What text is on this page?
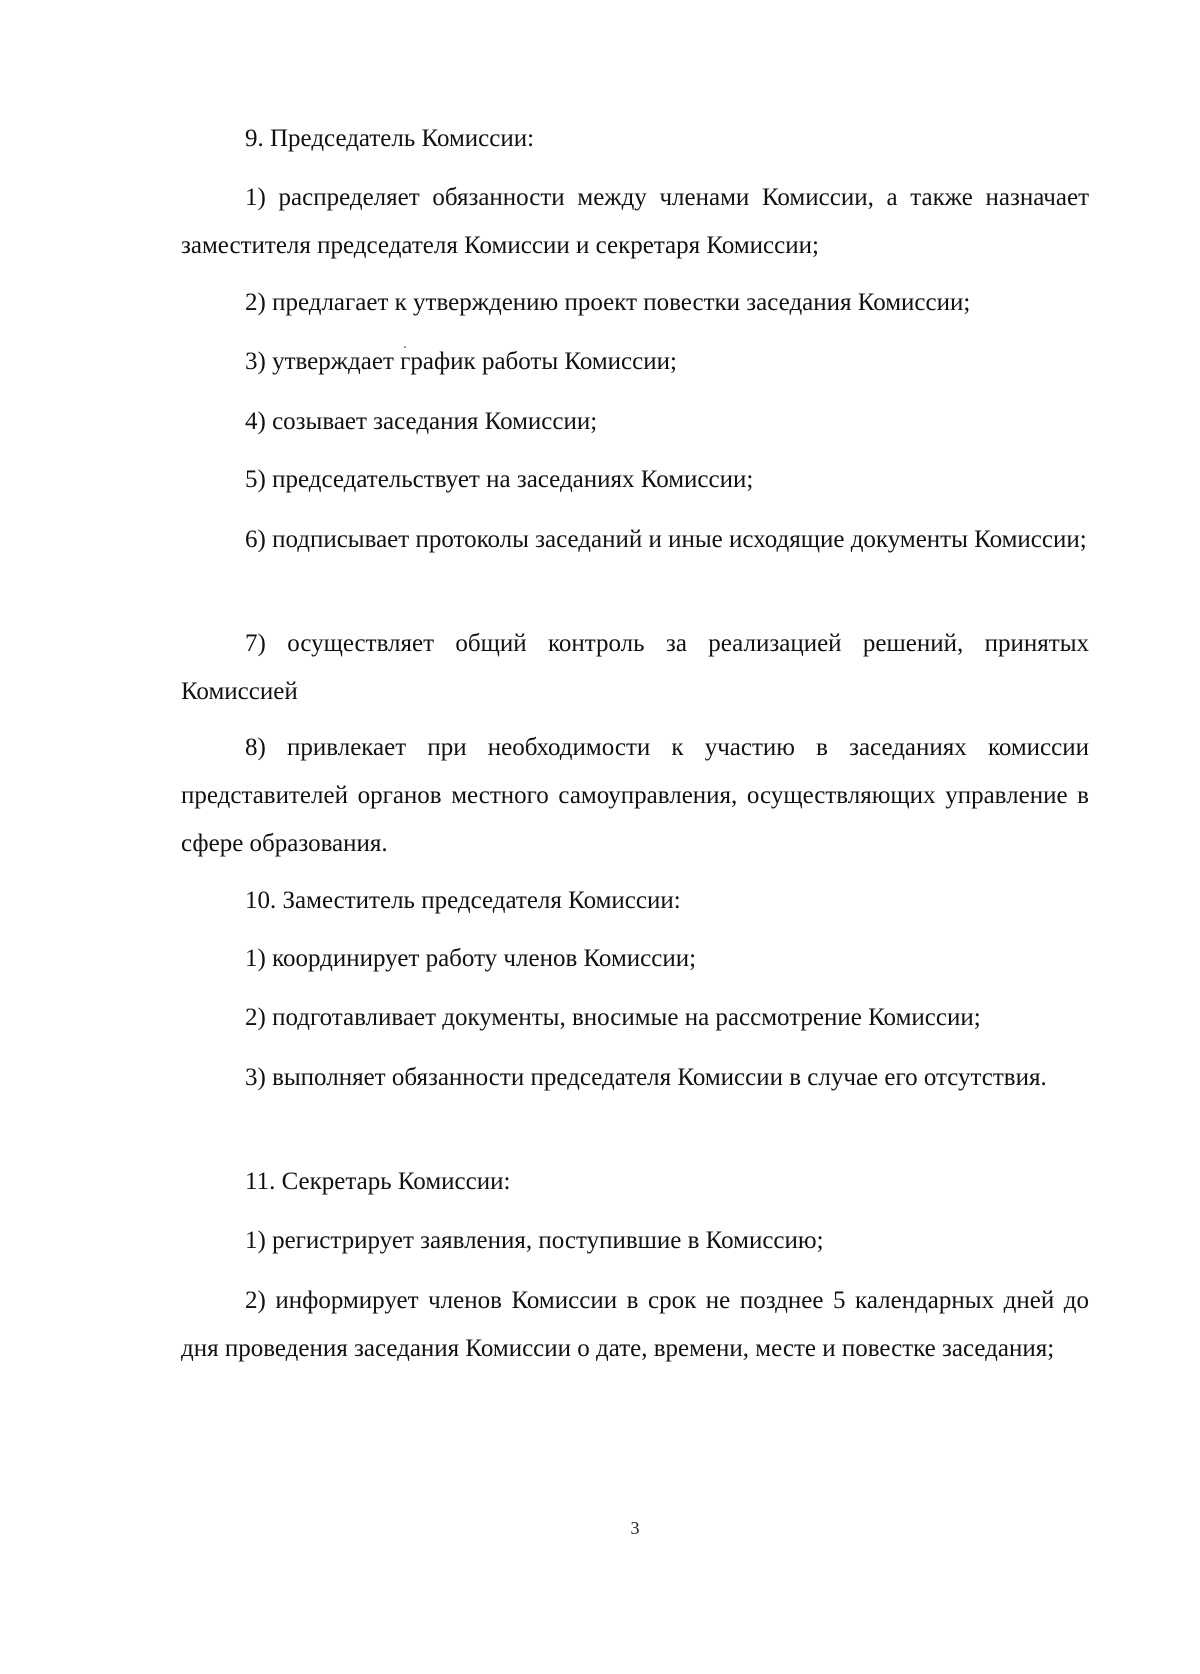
9. Председатель Комиссии:

1) распределяет обязанности между членами Комиссии, а также назначает заместителя председателя Комиссии и секретаря Комиссии;

2) предлагает к утверждению проект повестки заседания Комиссии;

3) утверждает график работы Комиссии;

4) созывает заседания Комиссии;

5) председательствует на заседаниях Комиссии;

6) подписывает протоколы заседаний и иные исходящие документы Комиссии;

7) осуществляет общий контроль за реализацией решений, принятых Комиссией

8) привлекает при необходимости к участию в заседаниях комиссии представителей органов местного самоуправления, осуществляющих управление в сфере образования.

10. Заместитель председателя Комиссии:

1) координирует работу членов Комиссии;

2) подготавливает документы, вносимые на рассмотрение Комиссии;

3) выполняет обязанности председателя Комиссии в случае его отсутствия.

11. Секретарь Комиссии:

1) регистрирует заявления, поступившие в Комиссию;

2) информирует членов Комиссии в срок не позднее 5 календарных дней до дня проведения заседания Комиссии о дате, времени, месте и повестке заседания;

3
